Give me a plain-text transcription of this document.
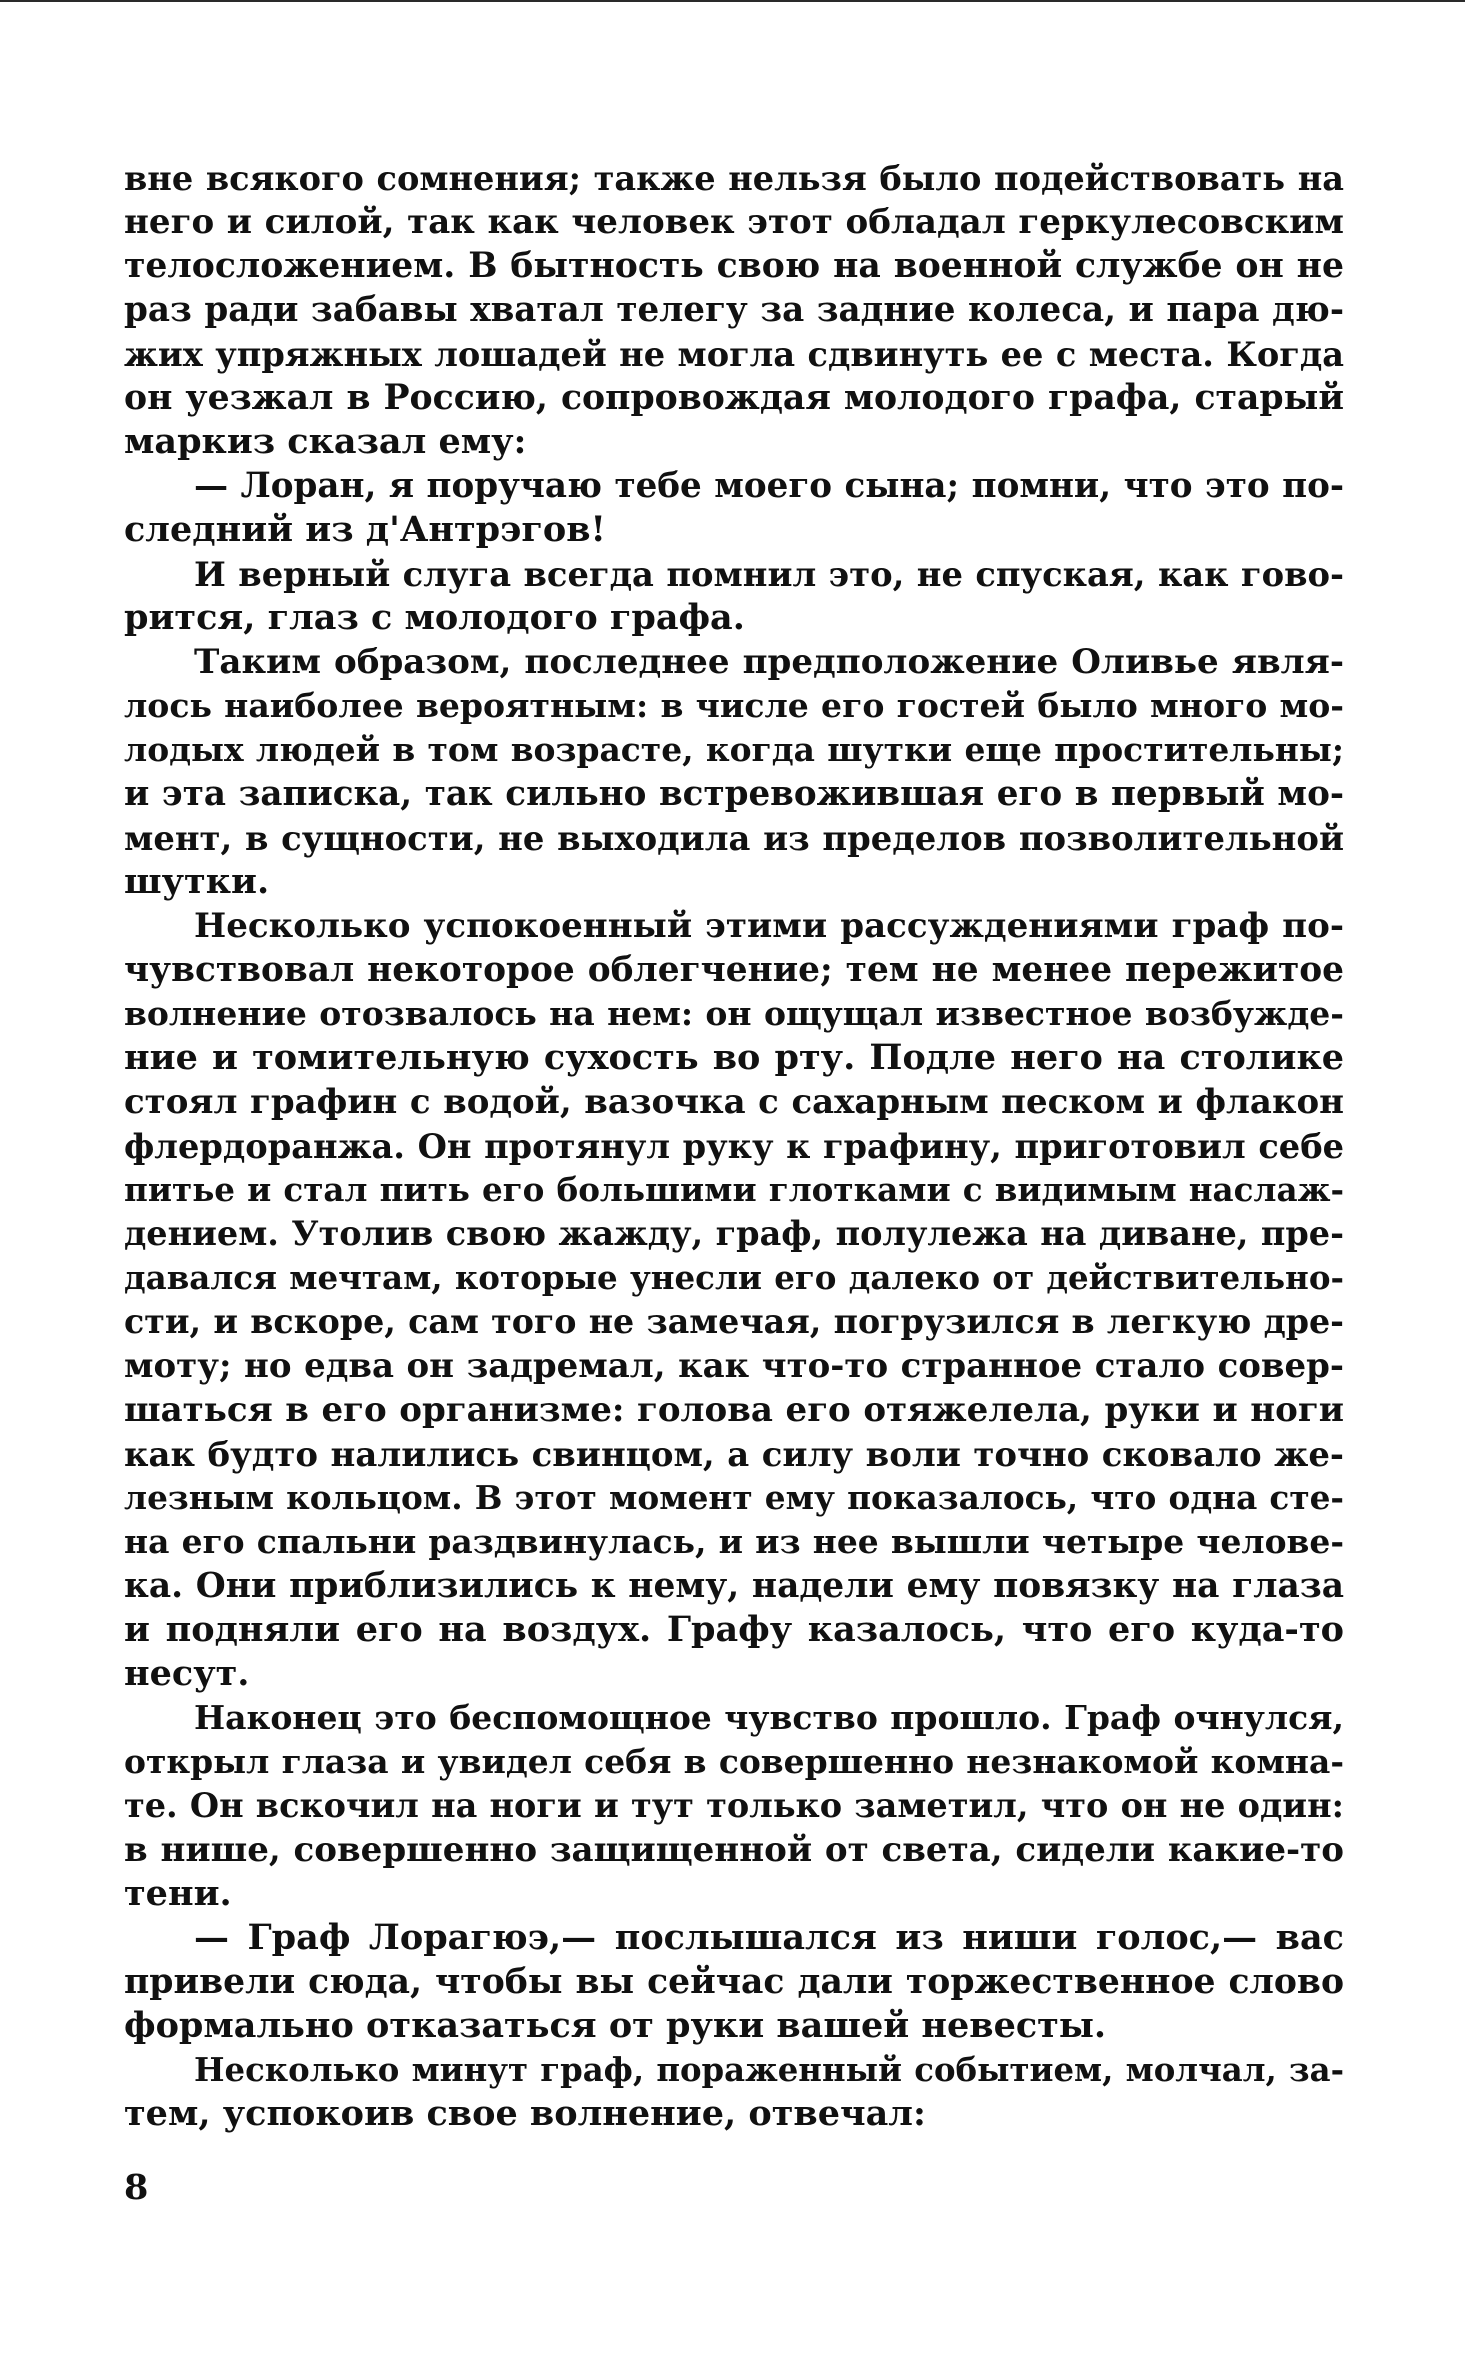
вне всякого сомнения; также нельзя было подействовать на
него и силой, так как человек этот обладал геркулесовским
телосложением. В бытность свою на военной службе он не
раз ради забавы хватал телегу за задние колеса, и пара дю-
жих упряжных лошадей не могла сдвинуть ее с места. Когда
он уезжал в Россию, сопровождая молодого графа, старый
маркиз сказал ему:
— Лоран, я поручаю тебе моего сына; помни, что это по-
следний из д'Антрэгов!
И верный слуга всегда помнил это, не спуская, как гово-
рится, глаз с молодого графа.
Таким образом, последнее предположение Оливье явля-
лось наиболее вероятным: в числе его гостей было много мо-
лодых людей в том возрасте, когда шутки еще простительны;
и эта записка, так сильно встревожившая его в первый мо-
мент, в сущности, не выходила из пределов позволительной
шутки.
Несколько успокоенный этими рассуждениями граф по-
чувствовал некоторое облегчение; тем не менее пережитое
волнение отозвалось на нем: он ощущал известное возбужде-
ние и томительную сухость во рту. Подле него на столике
стоял графин с водой, вазочка с сахарным песком и флакон
флердоранжа. Он протянул руку к графину, приготовил себе
питье и стал пить его большими глотками с видимым наслаж-
дением. Утолив свою жажду, граф, полулежа на диване, пре-
давался мечтам, которые унесли его далеко от действительно-
сти, и вскоре, сам того не замечая, погрузился в легкую дре-
моту; но едва он задремал, как что-то странное стало совер-
шаться в его организме: голова его отяжелела, руки и ноги
как будто налились свинцом, а силу воли точно сковало же-
лезным кольцом. В этот момент ему показалось, что одна сте-
на его спальни раздвинулась, и из нее вышли четыре челове-
ка. Они приблизились к нему, надели ему повязку на глаза
и подняли его на воздух. Графу казалось, что его куда-то
несут.
Наконец это беспомощное чувство прошло. Граф очнулся,
открыл глаза и увидел себя в совершенно незнакомой комна-
те. Он вскочил на ноги и тут только заметил, что он не один:
в нише, совершенно защищенной от света, сидели какие-то
тени.
— Граф Лорагюэ,— послышался из ниши голос,— вас
привели сюда, чтобы вы сейчас дали торжественное слово
формально отказаться от руки вашей невесты.
Несколько минут граф, пораженный событием, молчал, за-
тем, успокоив свое волнение, отвечал:
8
